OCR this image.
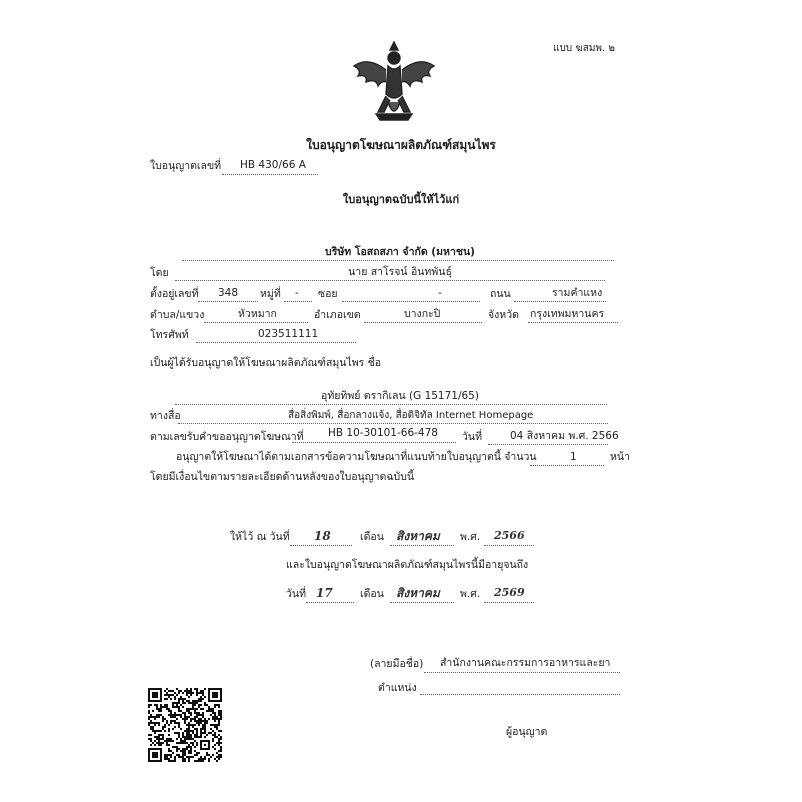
แบบ ฆสมพ. ๒
ใบอนุญาตโฆษณาผลิตภัณฑ์สมุนไพร
ใบอนุญาตเลขที่ HB 430/66 A
ใบอนุญาตฉบับนี้ให้ไว้แก่
บริษัท โอสถสภา จำกัด (มหาชน)
โดย	นาย สาโรจน์ อินทพันธุ์
ตั้งอยู่เลขที่ 348 หมู่ที่ - ซอย	-	ถนน	รามคำแหง
ตำบล/แขวง	หัวหมาก	อำเภอเขต	บางกะปิ	จังหวัด กรุงเทพมหานคร
โทรศัพท์	023511111
เป็นผู้ได้รับอนุญาตให้โฆษณาผลิตภัณฑ์สมุนไพร ชื่อ
อุทัยทิพย์ ตรากิเลน (G 15171/65)
ทางสื่อ	สื่อสิ่งพิมพ์, สื่อกลางแจ้ง, สื่อดิจิทัล Internet Homepage
ตามเลขรับคำขออนุญาตโฆษณาที่ HB 10-30101-66-478 วันที่	04 สิงหาคม พ.ศ. 2566
อนุญาตให้โฆษณาได้ตามเอกสารข้อความโฆษณาที่แนบท้ายใบอนุญาตนี้ จำนวน	1	หน้า
โดยมีเงื่อนไขตามรายละเอียดด้านหลังของใบอนุญาตฉบับนี้
ให้ไว้ ณ วันที่ 18	เดือน สิงหาคม พ.ศ. 2566
และใบอนุญาตโฆษณาผลิตภัณฑ์สมุนไพรนี้มีอายุจนถึง
วันที่ 17	เดือน สิงหาคม พ.ศ. 2569
(ลายมือชื่อ) สำนักงานคณะกรรมการอาหารและยา
ตำแหน่ง
ผู้อนุญาต
